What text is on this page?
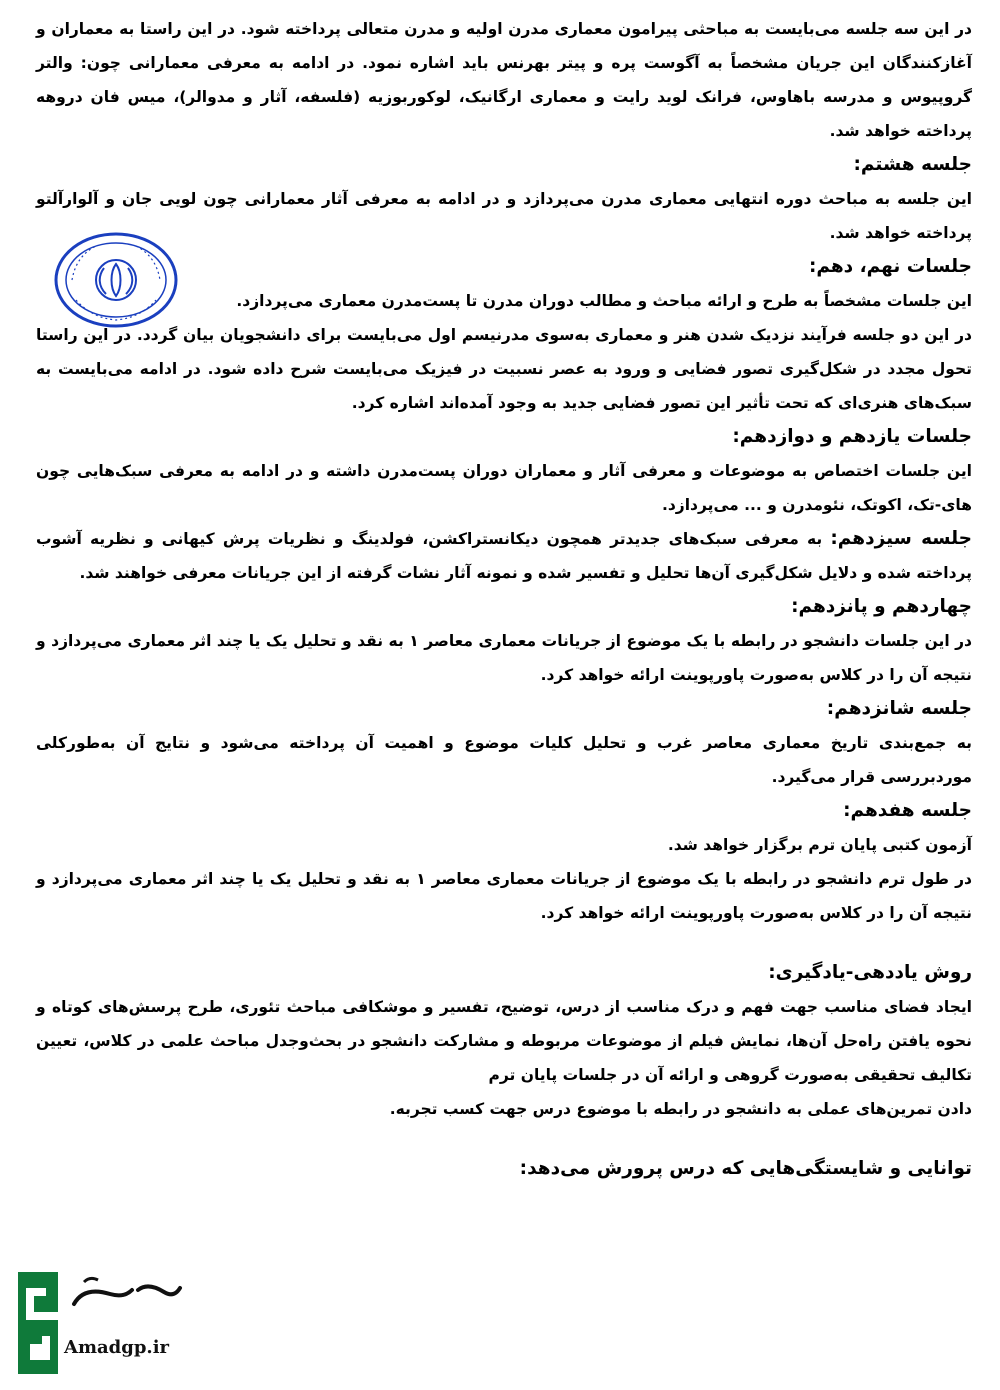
در این سه جلسه می‌بایست به مباحثی پیرامون معماری مدرن اولیه و مدرن متعالی پرداخته شود. در این راستا به معماران و آغازکنندگان این جریان مشخصاً به آگوست پره و پیتر بهرنس باید اشاره نمود. در ادامه به معرفی معمارانی چون: والتر گروپیوس و مدرسه باهاوس، فرانک لوید رایت و معماری ارگانیک، لوکوربوزیه (فلسفه، آثار و مدوالر)، میس فان دروهه پرداخته خواهد شد.
جلسه هشتم:
این جلسه به مباحث دوره انتهایی معماری مدرن می‌پردازد و در ادامه به معرفی آثار معمارانی چون لویی جان و آلوارآلتو پرداخته خواهد شد.
جلسات نهم، دهم:
این جلسات مشخصاً به طرح و ارائه مباحث و مطالب دوران مدرن تا پست‌مدرن معماری می‌پردازد.
در این دو جلسه فرآیند نزدیک شدن هنر و معماری به‌سوی مدرنیسم اول می‌بایست برای دانشجویان بیان گردد. در این راستا تحول مجدد در شکل‌گیری تصور فضایی و ورود به عصر نسبیت در فیزیک می‌بایست شرح داده شود. در ادامه می‌بایست به سبک‌های هنری‌ای که تحت تأثیر این تصور فضایی جدید به وجود آمده‌اند اشاره کرد.
جلسات یازدهم و دوازدهم:
این جلسات اختصاص به موضوعات و معرفی آثار و معماران دوران پست‌مدرن داشته و در ادامه به معرفی سبک‌هایی چون های-تک، اکوتک، نئومدرن و ... می‌پردازد.
جلسه سیزدهم: به معرفی سبک‌های جدیدتر همچون دیکانستراکشن، فولدینگ و نظریات پرش کیهانی و نظریه آشوب پرداخته شده و دلایل شکل‌گیری آن‌ها تحلیل و تفسیر شده و نمونه آثار نشات گرفته از این جریانات معرفی خواهند شد.
چهاردهم و پانزدهم:
در این جلسات دانشجو در رابطه با یک موضوع از جریانات معماری معاصر ۱ به نقد و تحلیل یک یا چند اثر معماری می‌پردازد و نتیجه آن را در کلاس به‌صورت پاورپوینت ارائه خواهد کرد.
جلسه شانزدهم:
به جمع‌بندی تاریخ معماری معاصر غرب و تحلیل کلیات موضوع و اهمیت آن پرداخته می‌شود و نتایج آن به‌طورکلی موردبررسی قرار می‌گیرد.
جلسه هفدهم:
آزمون کتبی پایان ترم برگزار خواهد شد.
در طول ترم دانشجو در رابطه با یک موضوع از جریانات معماری معاصر ۱ به نقد و تحلیل یک یا چند اثر معماری می‌پردازد و نتیجه آن را در کلاس به‌صورت پاورپوینت ارائه خواهد کرد.
روش یاددهی-یادگیری:
ایجاد فضای مناسب جهت فهم و درک مناسب از درس، توضیح، تفسیر و موشکافی مباحث تئوری، طرح پرسش‌های کوتاه و نحوه یافتن راه‌حل آن‌ها، نمایش فیلم از موضوعات مربوطه و مشارکت دانشجو در بحث‌وجدل مباحث علمی در کلاس، تعیین تکالیف تحقیقی به‌صورت گروهی و ارائه آن در جلسات پایان ترم
دادن تمرین‌های عملی به دانشجو در رابطه با موضوع درس جهت کسب تجربه.
توانایی و شایستگی‌هایی که درس پرورش می‌دهد:
Amadgp.ir
